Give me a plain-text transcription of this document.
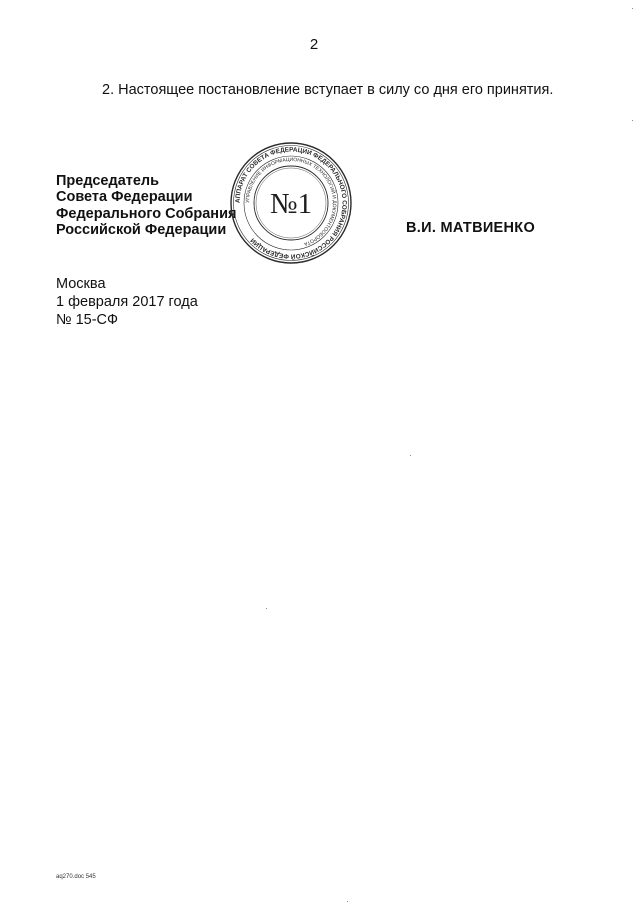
2
2. Настоящее постановление вступает в силу со дня его принятия.
Председатель
Совета Федерации
Федерального Собрания
Российской Федерации
АППАРАТ СОВЕТА ФЕДЕРАЦИИ ФЕДЕРАЛЬНОГО СОБРАНИЯ РОССИЙСКОЙ ФЕДЕРАЦИИ
УПРАВЛЕНИЕ ИНФОРМАЦИОННЫХ ТЕХНОЛОГИЙ И ДОКУМЕНТООБОРОТА
№1
В.И. МАТВИЕНКО
Москва
1 февраля 2017 года
№ 15-СФ
aq270.doc 545
